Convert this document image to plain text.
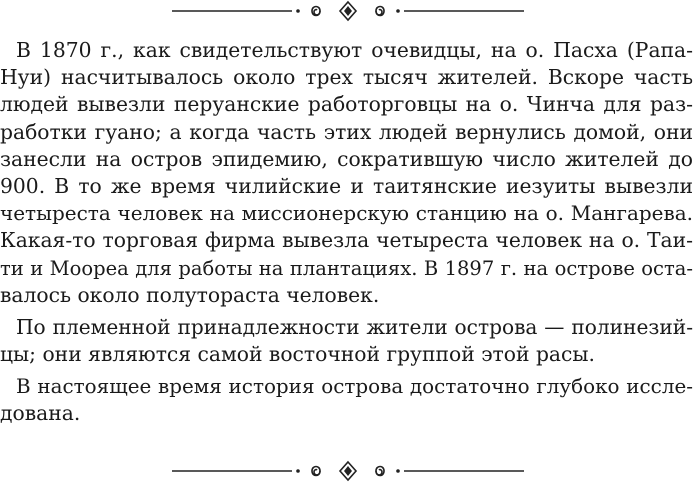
В 1870 г., как свидетельствуют очевидцы, на о. Пасха (Рапа-
Нуи) насчитывалось около трех тысяч жителей. Вскоре часть
людей вывезли перуанские работорговцы на о. Чинча для раз-
работки гуано; а когда часть этих людей вернулись домой, они
занесли на остров эпидемию, сократившую число жителей до
900. В то же время чилийские и таитянские иезуиты вывезли
четыреста человек на миссионерскую станцию на о. Мангарева.
Какая-то торговая фирма вывезла четыреста человек на о. Таи-
ти и Моореа для работы на плантациях. В 1897 г. на острове оста-
валось около полутораста человек.
По племенной принадлежности жители острова — полинезий-
цы; они являются самой восточной группой этой расы.
В настоящее время история острова достаточно глубоко иссле-
дована.
